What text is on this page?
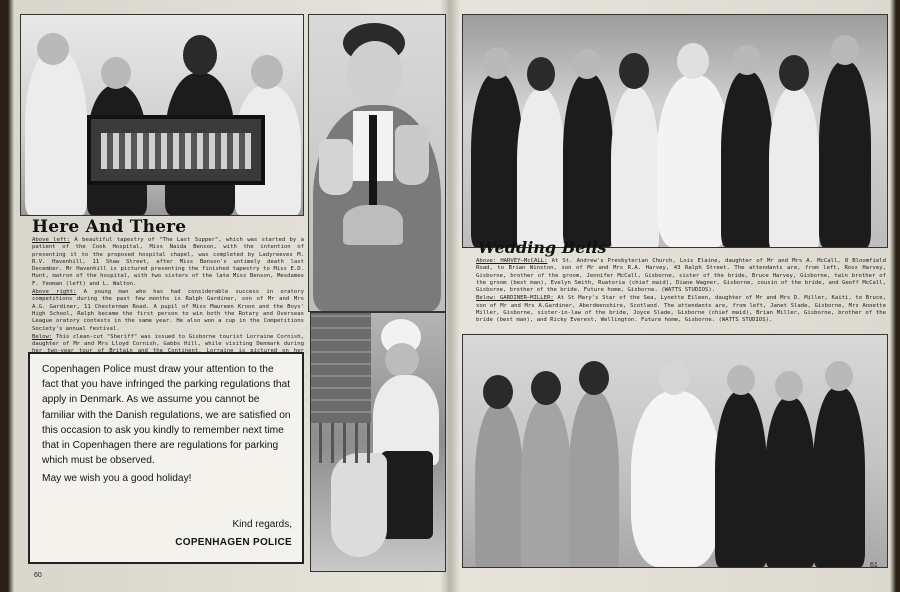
Here And There

Above left: A beautiful tapestry of "The Last Supper", which was started by a patient of the Cook Hospital, Miss Naida Benson, with the intention of presenting it to the proposed hospital chapel, was completed by Ladyreeves M. R.V. Havenhill, 11 Shaw Street, after Miss Benson's untimely death last December. Mr Havenhill is pictured presenting the finished tapestry to Miss E.D. Hunt, matron of the hospital, with two sisters of the late Miss Benson, Mesdames F. Yeoman (left) and L. Walton.

Above right: A young man who has had considerable success in oratory competitions during the past few months is Ralph Gardiner, son of Mr and Mrs A.G. Gardiner, 11 Chesterman Road. A pupil of Miss Maureen Kroon and the Boys' High School, Ralph became the first person to win both the Rotary and Overseas League oratory contests in the same year. He also won a cup in the Competitions Society's annual festival.

Below: This clean-cut "Sheriff" was issued to Gisborne tourist Lorraine Cornish, daughter of Mr and Mrs Lloyd Cornish, Gabbs Hill, while visiting Denmark during

Copenhagen Police must draw your attention to the fact that you have infringed the parking regulations that apply in Denmark. As we assume you cannot be familiar with the Danish regulations, we are satisfied on this occasion to ask you kindly to remember next time that in Copenhagen there are regulations for parking which must be observed.

May we wish you a good holiday!

Kind regards,
COPENHAGEN POLICE
60
Wedding Bells

Above: HARVEY—McCALL: At St. Andrew's Presbyterian Church, Lois Elaine, daughter of Mr and Mrs A. McCall, 8 Bloomfield Road, to Brian Winston, son of Mr and Mrs R.A. Harvey, 43 Ralph Street. The attendants are, from left, Ross Harvey, Gisborne, brother of the groom, Jennifer McCall, Gisborne, sister of the bride, Bruce Harvey, Gisborne, twin brother of the groom (best man), Evelyn Smith, Ruatoria (chief maid), Diane Wagner, Gisborne, cousin of the bride, and Geoff McCall, Gisborne, brother of the bride. Future home, Gisborne. (WATTS STUDIOS).

Below: GARDINER—MILLER: At St Mary's Star of the Sea, Lynette Eileen, daughter of Mr and Mrs D. Miller, Kaiti, to Bruce, son of Mr and Mrs A.Gardiner, Aberdeenshire, Scotland. The attendants are, from left, Janet Slade, Gisborne, Mrs Annette Miller, Gisborne, sister-in-law of the bride, Joyce Slade, Gisborne (chief maid), Brian Miller, Gisborne, brother of the bride (best man), and Ricky Everest, Wellington. Future home, Gisborne. (WATTS STUDIOS).

61
